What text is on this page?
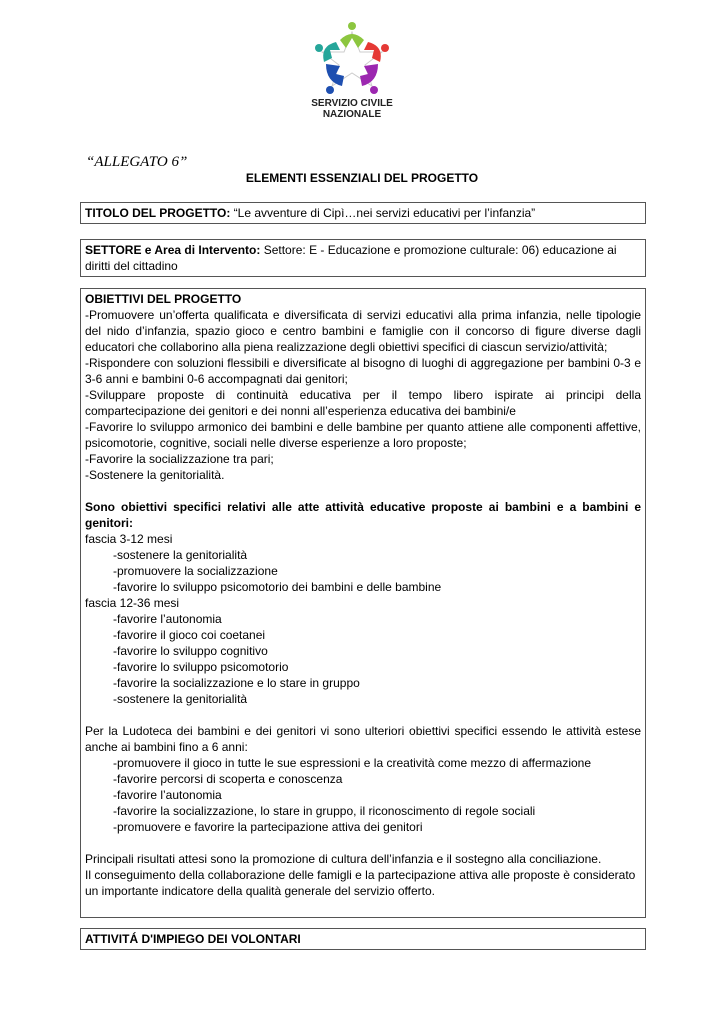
SERVIZIO CIVILE
NAZIONALE
“ALLEGATO 6”
ELEMENTI ESSENZIALI DEL PROGETTO
TITOLO DEL PROGETTO: “Le avventure di Cipì…nei servizi educativi per l’infanzia”
SETTORE e Area di Intervento: Settore: E - Educazione e promozione culturale: 06) educazione ai diritti del cittadino

OBIETTIVI DEL PROGETTO

-Promuovere un’offerta qualificata e diversificata di servizi educativi alla prima infanzia, nelle tipologie del nido d’infanzia, spazio gioco e centro bambini e famiglie con il concorso di figure diverse dagli educatori che collaborino alla piena realizzazione degli obiettivi specifici di ciascun servizio/attività;

-Rispondere con soluzioni flessibili e diversificate al bisogno di luoghi di aggregazione per bambini 0-3 e 3-6 anni e bambini 0-6 accompagnati dai genitori;

-Sviluppare proposte di continuità educativa per il tempo libero ispirate ai principi della compartecipazione dei genitori e dei nonni all’esperienza educativa dei bambini/e

-Favorire lo sviluppo armonico dei bambini e delle bambine per quanto attiene alle componenti affettive, psicomotorie, cognitive, sociali nelle diverse esperienze a loro proposte;

-Favorire la socializzazione tra pari;

-Sostenere la genitorialità.

Sono obiettivi specifici relativi alle atte attività educative proposte ai bambini e a bambini e genitori:

fascia 3-12 mesi

-sostenere la genitorialità

-promuovere la socializzazione

-favorire lo sviluppo psicomotorio dei bambini e delle bambine

fascia 12-36 mesi

-favorire l’autonomia

-favorire il gioco coi coetanei

-favorire lo sviluppo cognitivo

-favorire lo sviluppo psicomotorio

-favorire la socializzazione e lo stare in gruppo

-sostenere la genitorialità

Per la Ludoteca dei bambini e dei genitori vi sono ulteriori obiettivi specifici essendo le attività estese anche ai bambini fino a 6 anni:

-promuovere il gioco in tutte le sue espressioni e la creatività come mezzo di affermazione

-favorire percorsi di scoperta e conoscenza

-favorire l’autonomia

-favorire la socializzazione, lo stare in gruppo, il riconoscimento di regole sociali

-promuovere e favorire la partecipazione attiva dei genitori

Principali risultati attesi sono la promozione di cultura dell’infanzia e il sostegno alla conciliazione.

Il conseguimento della collaborazione delle famigli e la partecipazione attiva alle proposte è considerato un importante indicatore della qualità generale del servizio offerto.

ATTIVITÁ D'IMPIEGO DEI VOLONTARI
